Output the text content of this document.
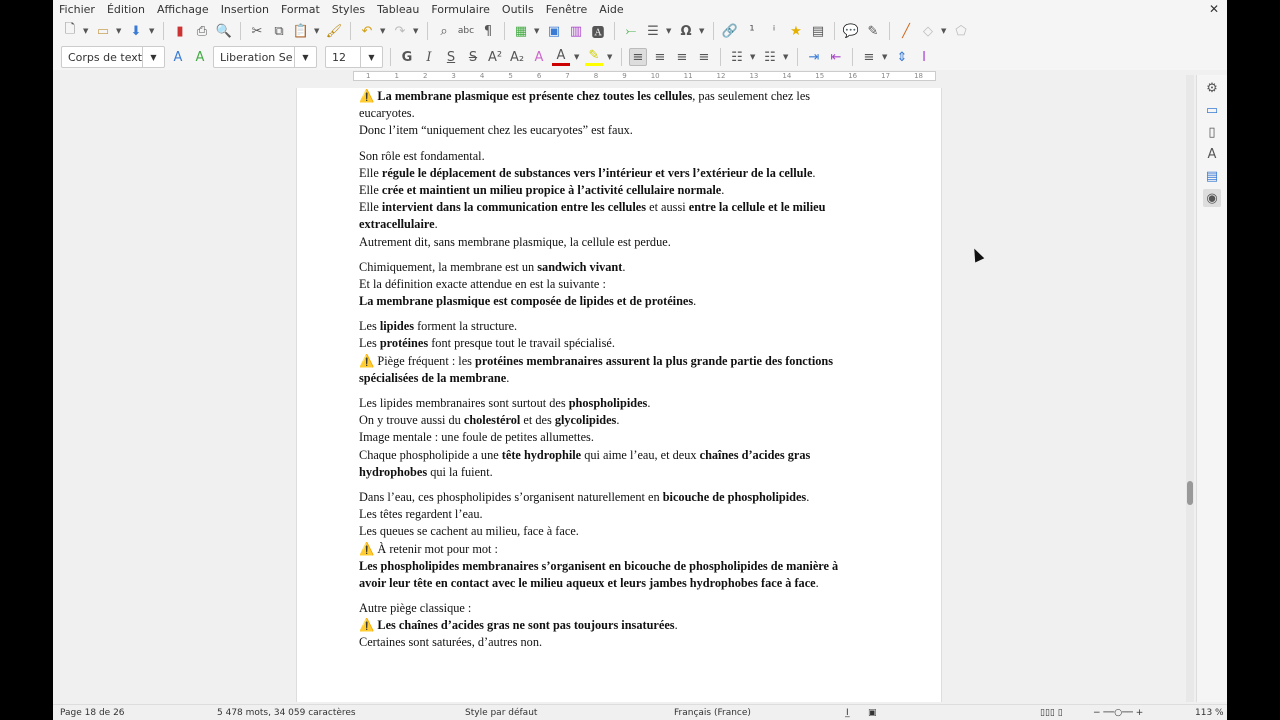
Fichier Édition Affichage Insertion Format Styles Tableau Formulaire Outils Fenêtre Aide	✕
🗋	▼ ▭ ▼ ⬇	▼	▮	⎙ 🔍 ✂ ⧉ 📋 ▼ 🖌 ↶	▼ ↷	▼	⌕	abc ¶	▦ ▼ ▣ ▥ 🅰 ⤚ ☰	▼ Ω	▼ 🔗 ¹	ⁱ	★ ▤ 💬 ✎	╱	◇	▼ ⬠
Corps de text	▼	A	A	Liberation Se	▼	12	▼	G	I	S	S A² A₂ A	A	▼ ✎	▼ ≡ ≡ ≡ ≡ ☷	▼ ☷	▼ ⇥ ⇤ ≡	▼ ⇕	Ⅰ
1	1	2	3	4	5	6	7	8	9	10	11	12	13	14	15	16	17	18
⚠️ La membrane plasmique est présente chez toutes les cellules, pas seulement chez les
eucaryotes.
Donc l’item “uniquement chez les eucaryotes” est faux.
Son rôle est fondamental.
Elle régule le déplacement de substances vers l’intérieur et vers l’extérieur de la cellule.
Elle crée et maintient un milieu propice à l’activité cellulaire normale.
Elle intervient dans la communication entre les cellules et aussi entre la cellule et le milieu
extracellulaire.
Autrement dit, sans membrane plasmique, la cellule est perdue.
Chimiquement, la membrane est un sandwich vivant.
Et la définition exacte attendue en est la suivante :
La membrane plasmique est composée de lipides et de protéines.
Les lipides forment la structure.
Les protéines font presque tout le travail spécialisé.
⚠️ Piège fréquent : les protéines membranaires assurent la plus grande partie des fonctions
spécialisées de la membrane.
Les lipides membranaires sont surtout des phospholipides.
On y trouve aussi du cholestérol et des glycolipides.
Image mentale : une foule de petites allumettes.
Chaque phospholipide a une tête hydrophile qui aime l’eau, et deux chaînes d’acides gras
hydrophobes qui la fuient.
Dans l’eau, ces phospholipides s’organisent naturellement en bicouche de phospholipides.
Les têtes regardent l’eau.
Les queues se cachent au milieu, face à face.
⚠️ À retenir mot pour mot :
Les phospholipides membranaires s’organisent en bicouche de phospholipides de manière à
avoir leur tête en contact avec le milieu aqueux et leurs jambes hydrophobes face à face.
Autre piège classique :
⚠️ Les chaînes d’acides gras ne sont pas toujours insaturées.
Certaines sont saturées, d’autres non.
⚙
▭
▯
A
▤
◉
Page 18 de 26	5 478 mots, 34 059 caractères	Style par défaut	Français (France)	I̲ ▣	▯▯▯ ▯	− ──○── +	113 %
